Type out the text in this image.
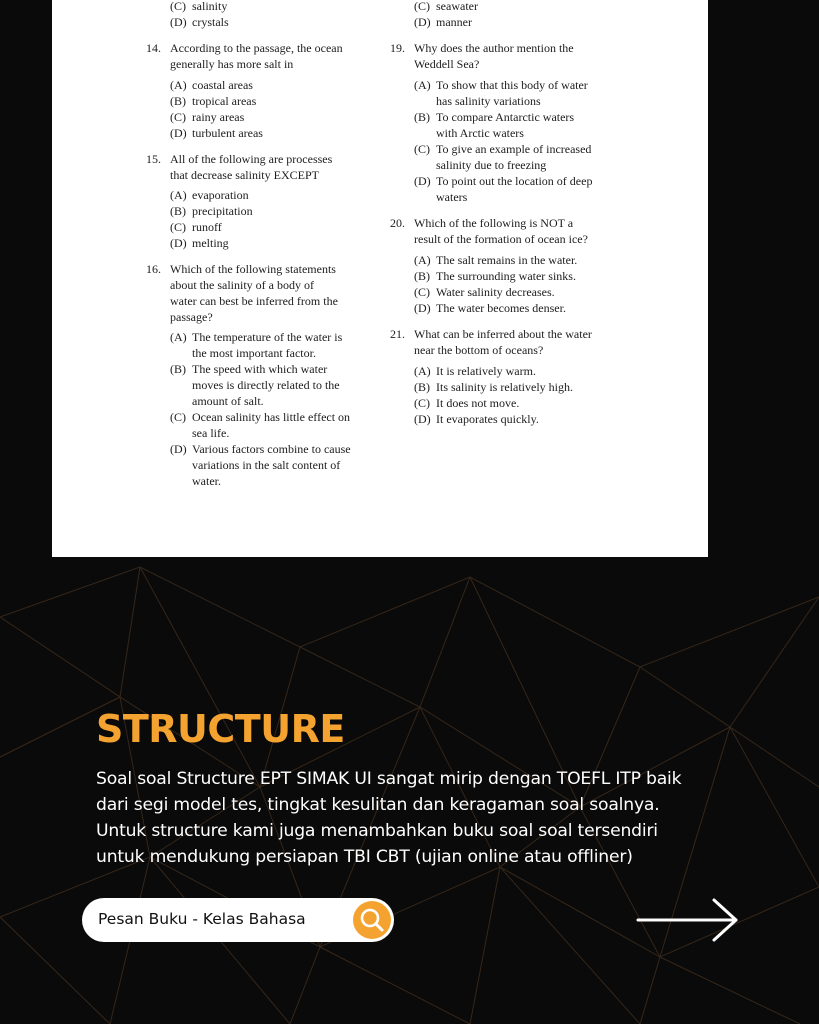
(C) salinity
(D) crystals
14. According to the passage, the ocean
generally has more salt in
(A) coastal areas
(B) tropical areas
(C) rainy areas
(D) turbulent areas
15. All of the following are processes
that decrease salinity EXCEPT
(A) evaporation
(B) precipitation
(C) runoff
(D) melting
16. Which of the following statements
about the salinity of a body of
water can best be inferred from the
passage?
(A) The temperature of the water is
the most important factor.
(B) The speed with which water
moves is directly related to the
amount of salt.
(C) Ocean salinity has little effect on
sea life.
(D) Various factors combine to cause
variations in the salt content of
water.
(C) seawater
(D) manner
19. Why does the author mention the
Weddell Sea?
(A) To show that this body of water
has salinity variations
(B) To compare Antarctic waters
with Arctic waters
(C) To give an example of increased
salinity due to freezing
(D) To point out the location of deep
waters
20. Which of the following is NOT a
result of the formation of ocean ice?
(A) The salt remains in the water.
(B) The surrounding water sinks.
(C) Water salinity decreases.
(D) The water becomes denser.
21. What can be inferred about the water
near the bottom of oceans?
(A) It is relatively warm.
(B) Its salinity is relatively high.
(C) It does not move.
(D) It evaporates quickly.
STRUCTURE
Soal soal Structure EPT SIMAK UI sangat mirip dengan TOEFL ITP baik
dari segi model tes, tingkat kesulitan dan keragaman soal soalnya.
Untuk structure kami juga menambahkan buku soal soal tersendiri
untuk mendukung persiapan TBI CBT (ujian online atau offliner)
Pesan Buku - Kelas Bahasa
